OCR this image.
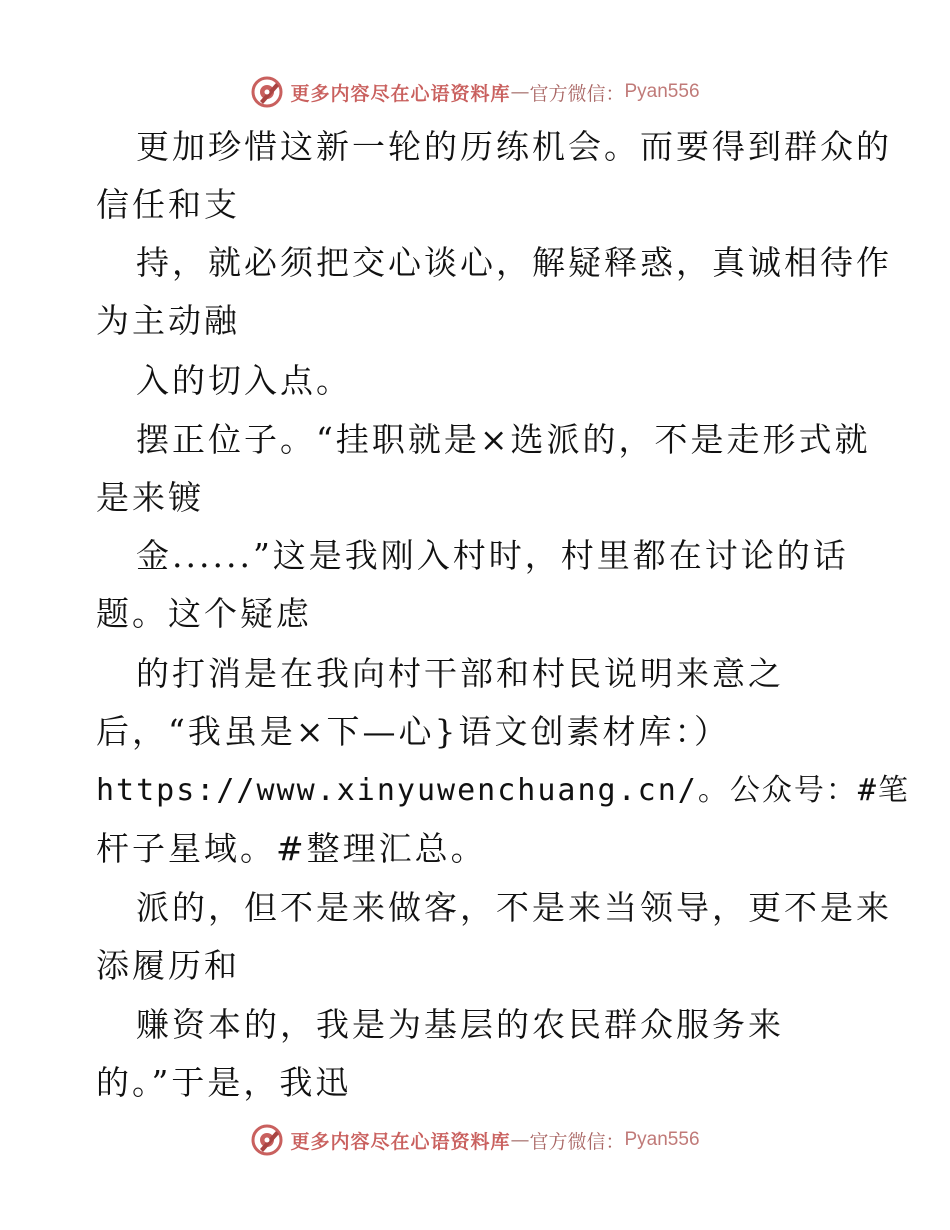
更多内容尽在心语资料库 — 官方微信： Pyan556
更加珍惜这新一轮的历练机会。而要得到群众的
信任和支
持，就必须把交心谈心，解疑释惑，真诚相待作
为主动融
入的切入点。
摆正位子。“挂职就是×选派的，不是走形式就
是来镀
金......”这是我刚入村时，村里都在讨论的话
题。这个疑虑
的打消是在我向村干部和村民说明来意之
后，“我虽是×下—心}语文创素材库：）
https://www.xinyuwenchuang.cn/。公众号：#笔
杆子星域。#整理汇总。
派的，但不是来做客，不是来当领导，更不是来
添履历和
赚资本的，我是为基层的农民群众服务来
的。”于是，我迅
更多内容尽在心语资料库 — 官方微信： Pyan556
